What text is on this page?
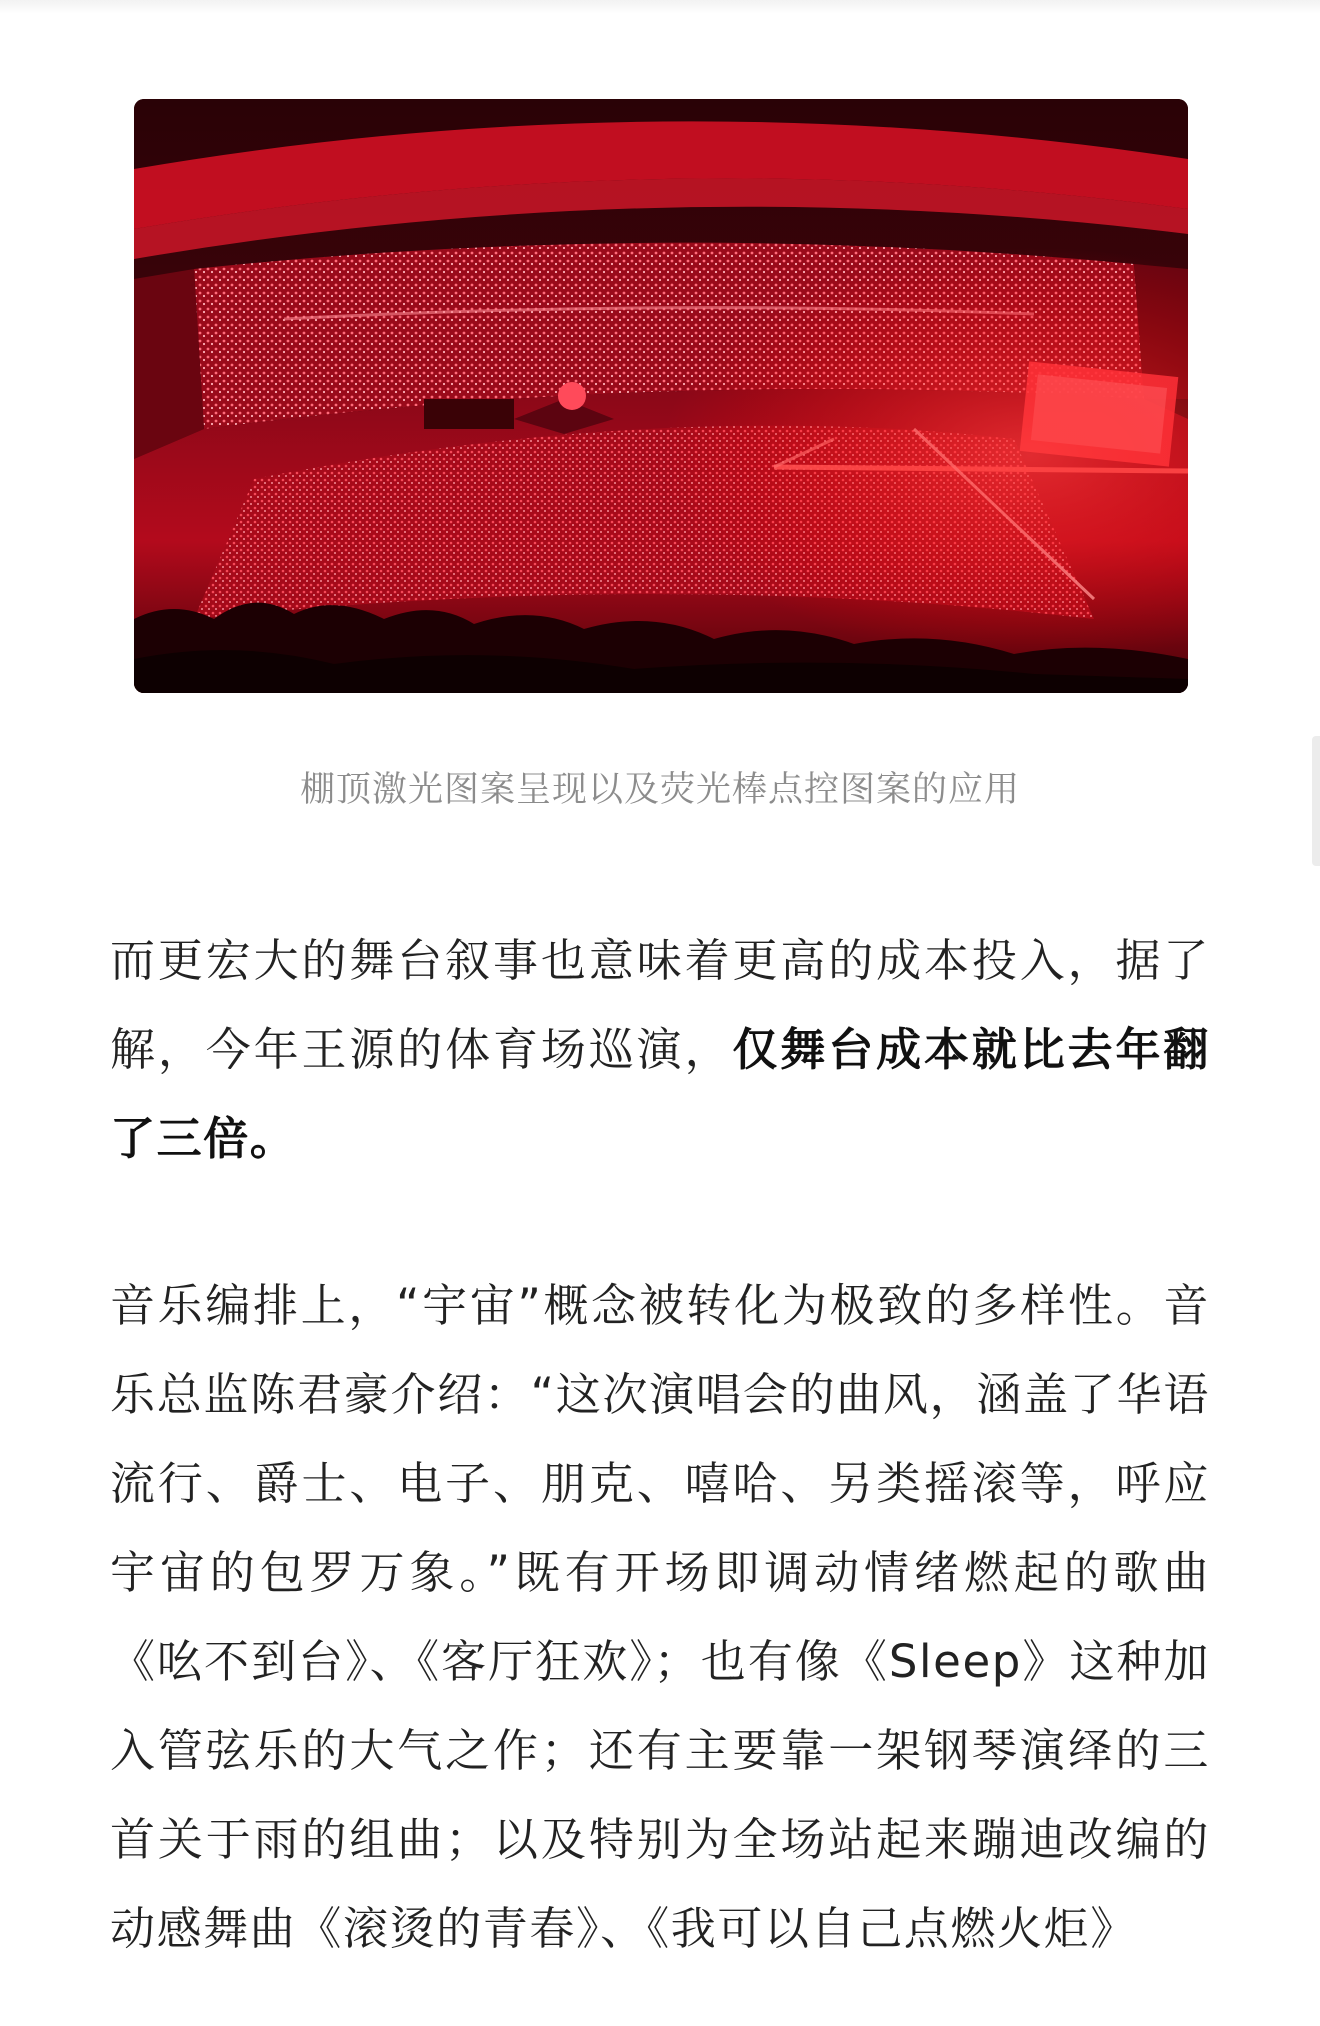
棚顶激光图案呈现以及荧光棒点控图案的应用

而更宏大的舞台叙事也意味着更高的成本投入，据了解，今年王源的体育场巡演，仅舞台成本就比去年翻了三倍。

音乐编排上，“宇宙”概念被转化为极致的多样性。音乐总监陈君豪介绍：“这次演唱会的曲风，涵盖了华语流行、爵士、电子、朋克、嘻哈、另类摇滚等，呼应宇宙的包罗万象。”既有开场即调动情绪燃起的歌曲《吆不到台》、《客厅狂欢》；也有像《Sleep》这种加入管弦乐的大气之作；还有主要靠一架钢琴演绎的三首关于雨的组曲；以及特别为全场站起来蹦迪改编的动感舞曲《滚烫的青春》、《我可以自己点燃火炬》
